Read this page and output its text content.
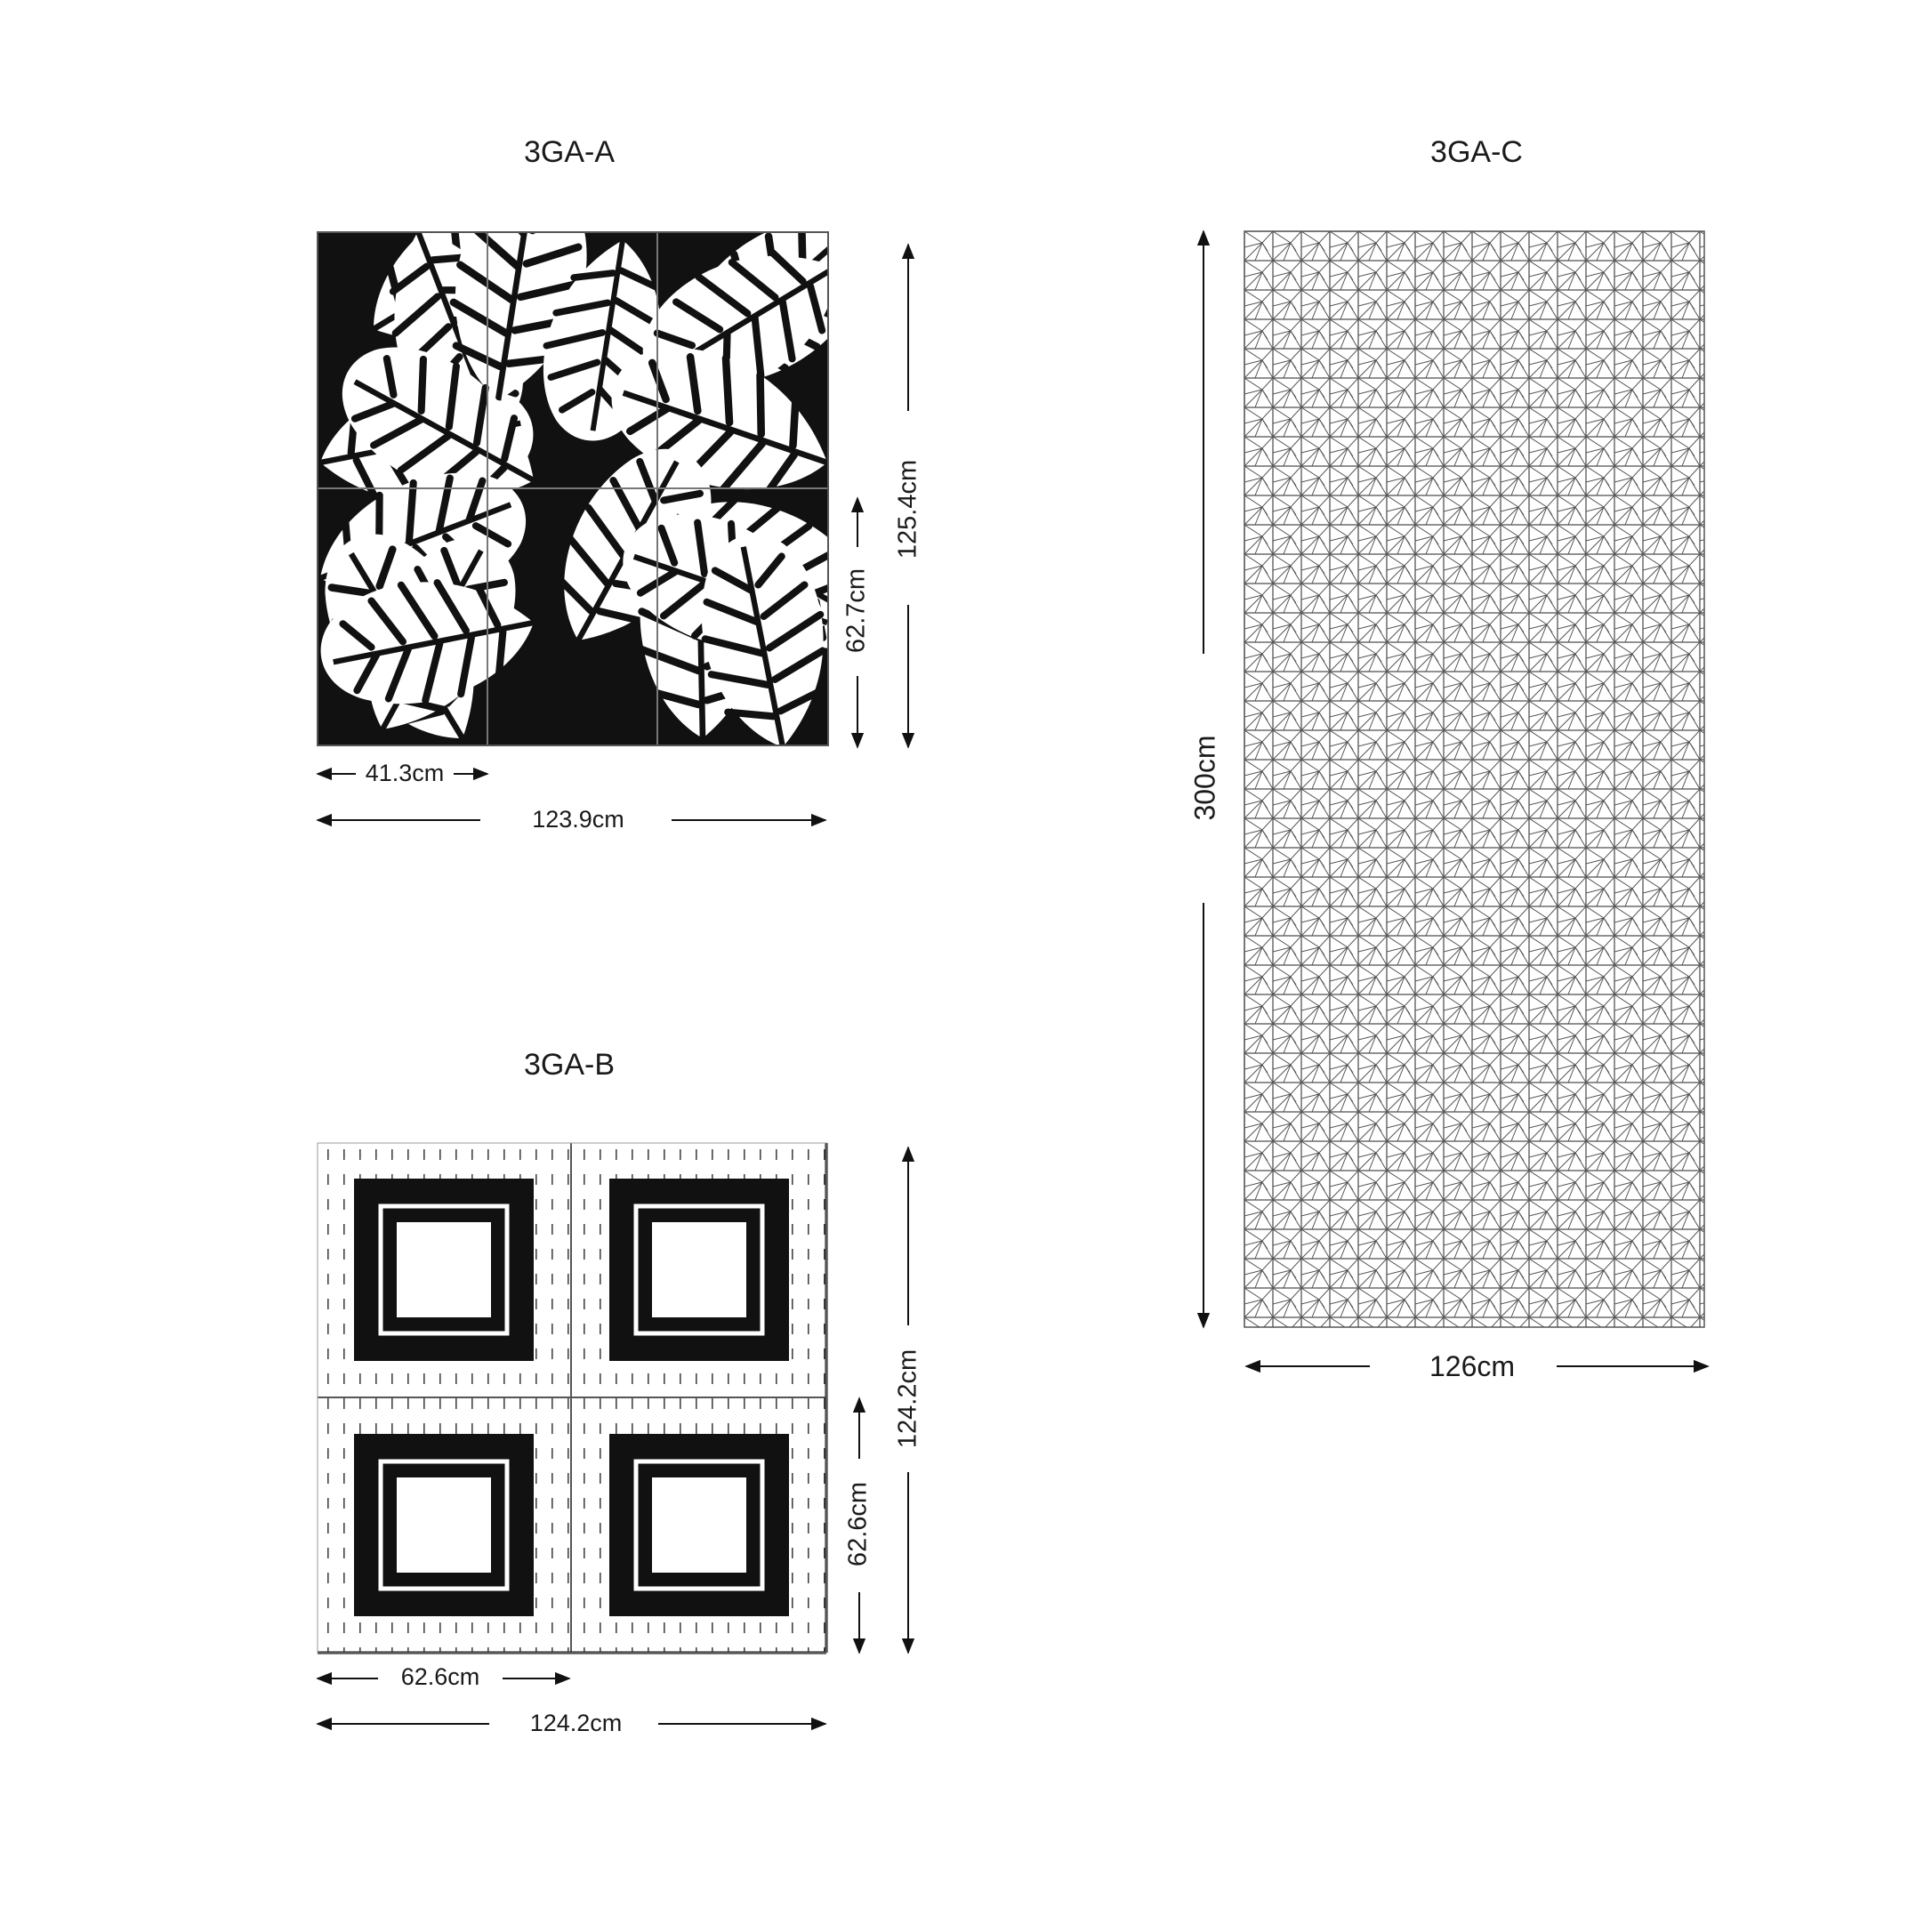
3GA-A
3GA-B
3GA-C
41.3cm
123.9cm
62.7cm
125.4cm
62.6cm
124.2cm
62.6cm
124.2cm
300cm
126cm
